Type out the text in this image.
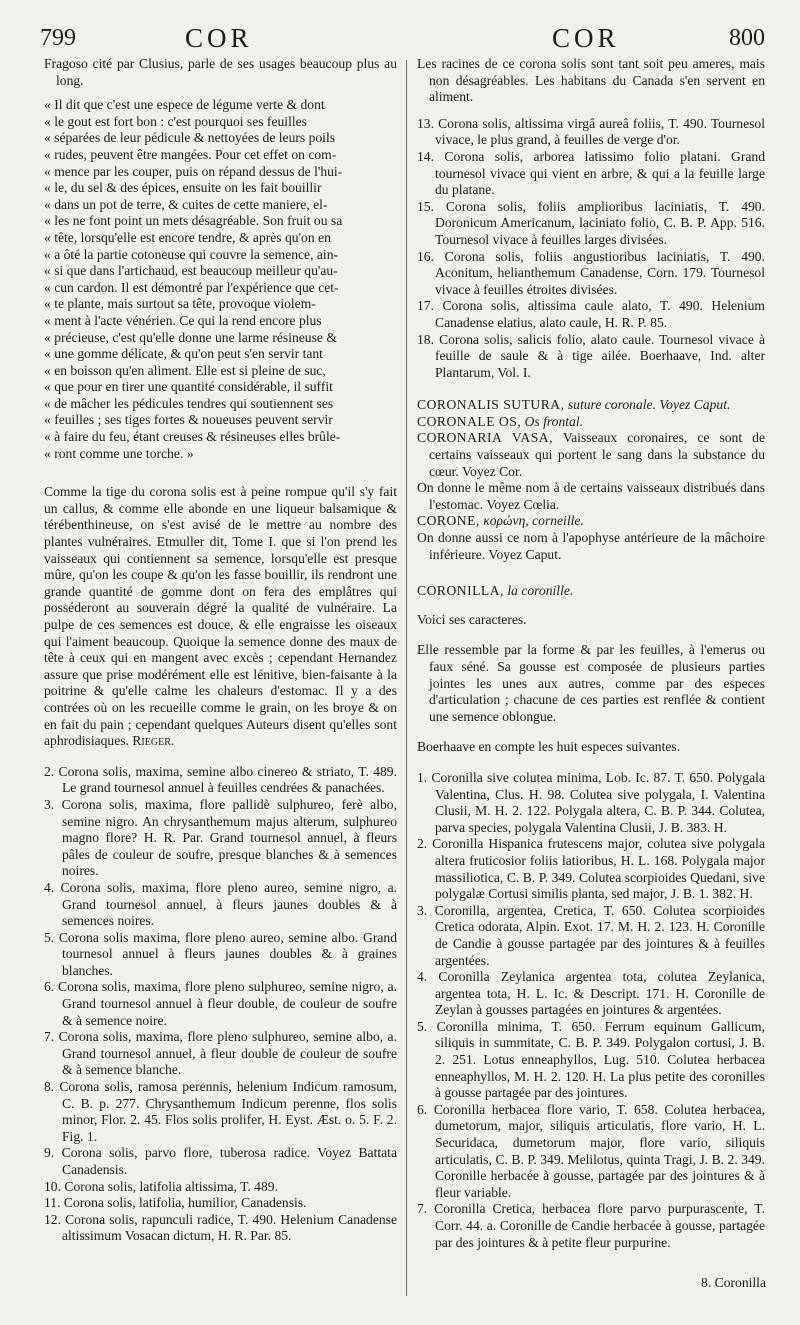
799	COR	COR	800

Fragoso cité par Clusius, parle de ses usages beaucoup plus au long.

« Il dit que c'est une espece de légume verte & dont
« le gout est fort bon : c'est pourquoi ses feuilles
« séparées de leur pédicule & nettoyées de leurs poils
« rudes, peuvent être mangées. Pour cet effet on com-
« mence par les couper, puis on répand dessus de l'hui-
« le, du sel & des épices, ensuite on les fait bouillir
« dans un pot de terre, & cuites de cette maniere, el-
« les ne font point un mets désagréable. Son fruit ou sa
« tête, lorsqu'elle est encore tendre, & après qu'on en
« a ôté la partie cotoneuse qui couvre la semence, ain-
« si que dans l'artichaud, est beaucoup meilleur qu'au-
« cun cardon. Il est démontré par l'expérience que cet-
« te plante, mais surtout sa tête, provoque violem-
« ment à l'acte vénérien. Ce qui la rend encore plus
« précieuse, c'est qu'elle donne une larme résineuse &
« une gomme délicate, & qu'on peut s'en servir tant
« en boisson qu'en aliment. Elle est si pleine de suc,
« que pour en tirer une quantité considérable, il suffit
« de mâcher les pédicules tendres qui soutiennent ses
« feuilles ; ses tiges fortes & noueuses peuvent servir
« à faire du feu, étant creuses & résineuses elles brûle-
« ront comme une torche. »

Comme la tige du corona solis est à peine rompue qu'il s'y fait un callus, & comme elle abonde en une liqueur balsamique & térébenthineuse, on s'est avisé de le mettre au nombre des plantes vulnéraires. Etmuller dit, Tome I. que si l'on prend les vaisseaux qui contiennent sa semence, lorsqu'elle est presque mûre, qu'on les coupe & qu'on les fasse bouillir, ils rendront une grande quantité de gomme dont on fera des emplâtres qui posséderont au souverain dégré la qualité de vulnéraire. La pulpe de ces semences est douce, & elle engraisse les oiseaux qui l'aiment beaucoup. Quoique la semence donne des maux de tête à ceux qui en mangent avec excès ; cependant Hernandez assure que prise modérément elle est lénitive, bien-faisante à la poitrine & qu'elle calme les chaleurs d'estomac. Il y a des contrées où on les recueille comme le grain, on les broye & on en fait du pain ; cependant quelques Auteurs disent qu'elles sont aphrodisiaques. Rieger.

2. Corona solis, maxima, semine albo cinereo & striato, T. 489. Le grand tournesol annuel à feuilles cendrées & panachées.

3. Corona solis, maxima, flore pallidè sulphureo, ferè albo, semine nigro. An chrysanthemum majus alterum, sulphureo magno flore? H. R. Par. Grand tournesol annuel, à fleurs pâles de couleur de soufre, presque blanches & à semences noires.

4. Corona solis, maxima, flore pleno aureo, semine nigro, a. Grand tournesol annuel, à fleurs jaunes doubles & à semences noires.

5. Corona solis maxima, flore pleno aureo, semine albo. Grand tournesol annuel à fleurs jaunes doubles & à graines blanches.

6. Corona solis, maxima, flore pleno sulphureo, semine nigro, a. Grand tournesol annuel à fleur double, de couleur de soufre & à semence noire.

7. Corona solis, maxima, flore pleno sulphureo, semine albo, a. Grand tournesol annuel, à fleur double de couleur de soufre & à semence blanche.

8. Corona solis, ramosa perennis, helenium Indicum ramosum, C. B. p. 277. Chrysanthemum Indicum perenne, flos solis minor, Flor. 2. 45. Flos solis prolifer, H. Eyst. Æst. o. 5. F. 2. Fig. 1.

9. Corona solis, parvo flore, tuberosa radice. Voyez Battata Canadensis.

10. Corona solis, latifolia altissima, T. 489.

11. Corona solis, latifolia, humilior, Canadensis.

12. Corona solis, rapunculi radice, T. 490. Helenium Canadense altissimum Vosacan dictum, H. R. Par. 85.

Les racines de ce corona solis sont tant soit peu ameres, mais non désagréables. Les habitans du Canada s'en servent en aliment.

13. Corona solis, altissima virgâ aureâ foliis, T. 490. Tournesol vivace, le plus grand, à feuilles de verge d'or.

14. Corona solis, arborea latissimo folio platani. Grand tournesol vivace qui vient en arbre, & qui a la feuille large du platane.

15. Corona solis, foliis amplioribus laciniatis, T. 490. Doronicum Americanum, laciniato folio, C. B. P. App. 516. Tournesol vivace à feuilles larges divisées.

16. Corona solis, foliis angustioribus laciniatis, T. 490. Aconitum, helianthemum Canadense, Corn. 179. Tournesol vivace à feuilles étroites divisées.

17. Corona solis, altissima caule alato, T. 490. Helenium Canadense elatius, alato caule, H. R. P. 85.

18. Corona solis, salicis folio, alato caule. Tournesol vivace à feuille de saule & à tige ailée. Boerhaave, Ind. alter Plantarum, Vol. I.

CORONALIS SUTURA, suture coronale. Voyez Caput.

CORONALE OS, Os frontal.

CORONARIA VASA, Vaisseaux coronaires, ce sont de certains vaisseaux qui portent le sang dans la substance du cœur. Voyez Cor.

On donne le même nom à de certains vaisseaux distribués dans l'estomac. Voyez Cœlia.

CORONE, κορώνη, corneille.

On donne aussi ce nom à l'apophyse antérieure de la mâchoire inférieure. Voyez Caput.

CORONILLA, la coronille.

Voici ses caracteres.

Elle ressemble par la forme & par les feuilles, à l'emerus ou faux séné. Sa gousse est composée de plusieurs parties jointes les unes aux autres, comme par des especes d'articulation ; chacune de ces parties est renflée & contient une semence oblongue.

Boerhaave en compte les huit especes suivantes.

1. Coronilla sive colutea minima, Lob. Ic. 87. T. 650. Polygala Valentina, Clus. H. 98. Colutea sive polygala, I. Valentina Clusii, M. H. 2. 122. Polygala altera, C. B. P. 344. Colutea, parva species, polygala Valentina Clusii, J. B. 383. H.

2. Coronilla Hispanica frutescens major, colutea sive polygala altera fruticosior foliis latioribus, H. L. 168. Polygala major massiliotica, C. B. P. 349. Colutea scorpioides Quedani, sive polygalæ Cortusi similis planta, sed major, J. B. 1. 382. H.

3. Coronilla, argentea, Cretica, T. 650. Colutea scorpioides Cretica odorata, Alpin. Exot. 17. M. H. 2. 123. H. Coronille de Candie à gousse partagée par des jointures & à feuilles argentées.

4. Coronilla Zeylanica argentea tota, colutea Zeylanica, argentea tota, H. L. Ic. & Descript. 171. H. Coronille de Zeylan à gousses partagées en jointures & argentées.

5. Coronilla minima, T. 650. Ferrum equinum Gallicum, siliquis in summitate, C. B. P. 349. Polygalon cortusi, J. B. 2. 251. Lotus enneaphyllos, Lug. 510. Colutea herbacea enneaphyllos, M. H. 2. 120. H. La plus petite des coronilles à gousse partagée par des jointures.

6. Coronilla herbacea flore vario, T. 658. Colutea herbacea, dumetorum, major, siliquis articulatis, flore vario, H. L. Securidaca, dumetorum major, flore vario, siliquis articulatis, C. B. P. 349. Melilotus, quinta Tragi, J. B. 2. 349. Coronille herbacée à gousse, partagée par des jointures & à fleur variable.

7. Coronilla Cretica, herbacea flore parvo purpurascente, T. Corr. 44. a. Coronille de Candie herbacée à gousse, partagée par des jointures & à petite fleur purpurine.

8. Coronilla
